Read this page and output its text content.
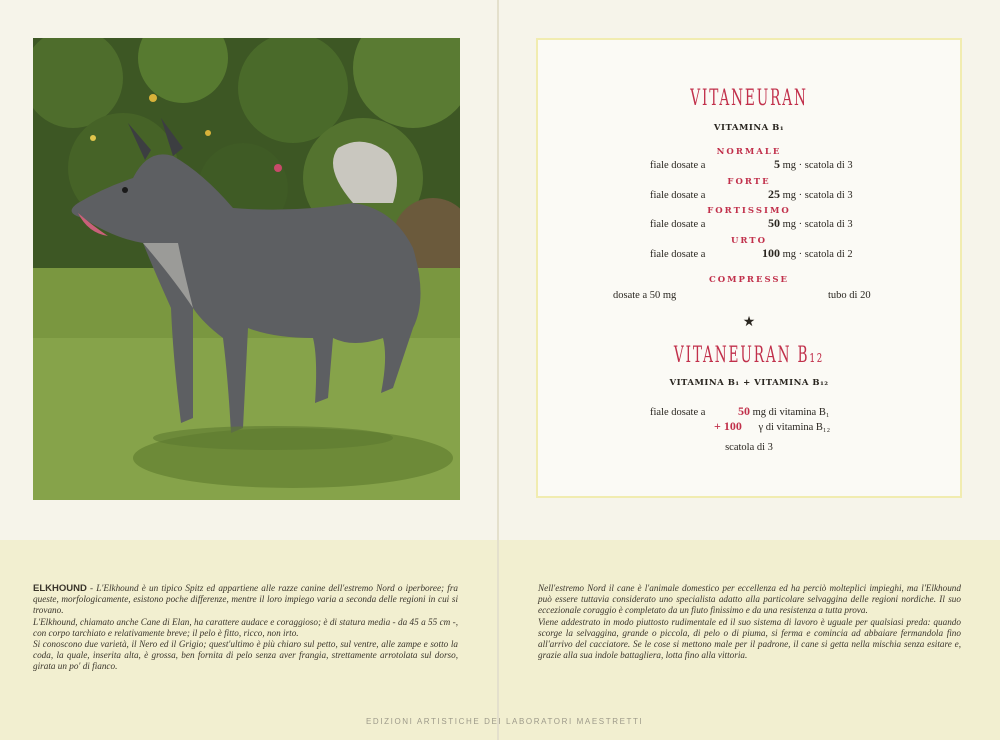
VITANEURAN
VITAMINA B₁
NORMALE
fiale dosate a	5 mg · scatola di 3
FORTE
fiale dosate a	25 mg · scatola di 3
FORTISSIMO
fiale dosate a	50 mg · scatola di 3
URTO
fiale dosate a	100 mg · scatola di 2
COMPRESSE
dosate a 50 mg	tubo di 20
★
VITANEURAN B₁₂
VITAMINA B₁ + VITAMINA B₁₂
fiale dosate a	50 mg di vitamina B₁
+ 100 γ di vitamina B₁₂
scatola di 3

ELKHOUND - L'Elkhound è un tipico Spitz ed appartiene alle razze canine dell'estremo Nord o iperboree; fra queste, morfologicamente, esistono poche differenze, mentre il loro impiego varia a seconda delle regioni in cui si trovano.

L'Elkhound, chiamato anche Cane di Elan, ha carattere audace e coraggioso; è di statura media - da 45 a 55 cm -, con corpo tarchiato e relativamente breve; il pelo è fitto, ricco, non irto.

Si conoscono due varietà, il Nero ed il Grigio; quest'ultimo è più chiaro sul petto, sul ventre, alle zampe e sotto la coda, la quale, inserita alta, è grossa, ben fornita di pelo senza aver frangia, strettamente arrotolata sul dorso, girata un po' di fianco.

Nell'estremo Nord il cane è l'animale domestico per eccellenza ed ha perciò molteplici impieghi, ma l'Elkhound può essere tuttavia considerato uno specialista adatto alla particolare selvaggina delle regioni nordiche. Il suo eccezionale coraggio è completato da un fiuto finissimo e da una resistenza a tutta prova.

Viene addestrato in modo piuttosto rudimentale ed il suo sistema di lavoro è uguale per qualsiasi preda: quando scorge la selvaggina, grande o piccola, di pelo o di piuma, si ferma e comincia ad abbaiare fermandola fino all'arrivo del cacciatore. Se le cose si mettono male per il padrone, il cane si getta nella mischia senza esitare e, grazie alla sua indole battagliera, lotta fino alla vittoria.

EDIZIONI ARTISTICHE DEI LABORATORI MAESTRETTI
